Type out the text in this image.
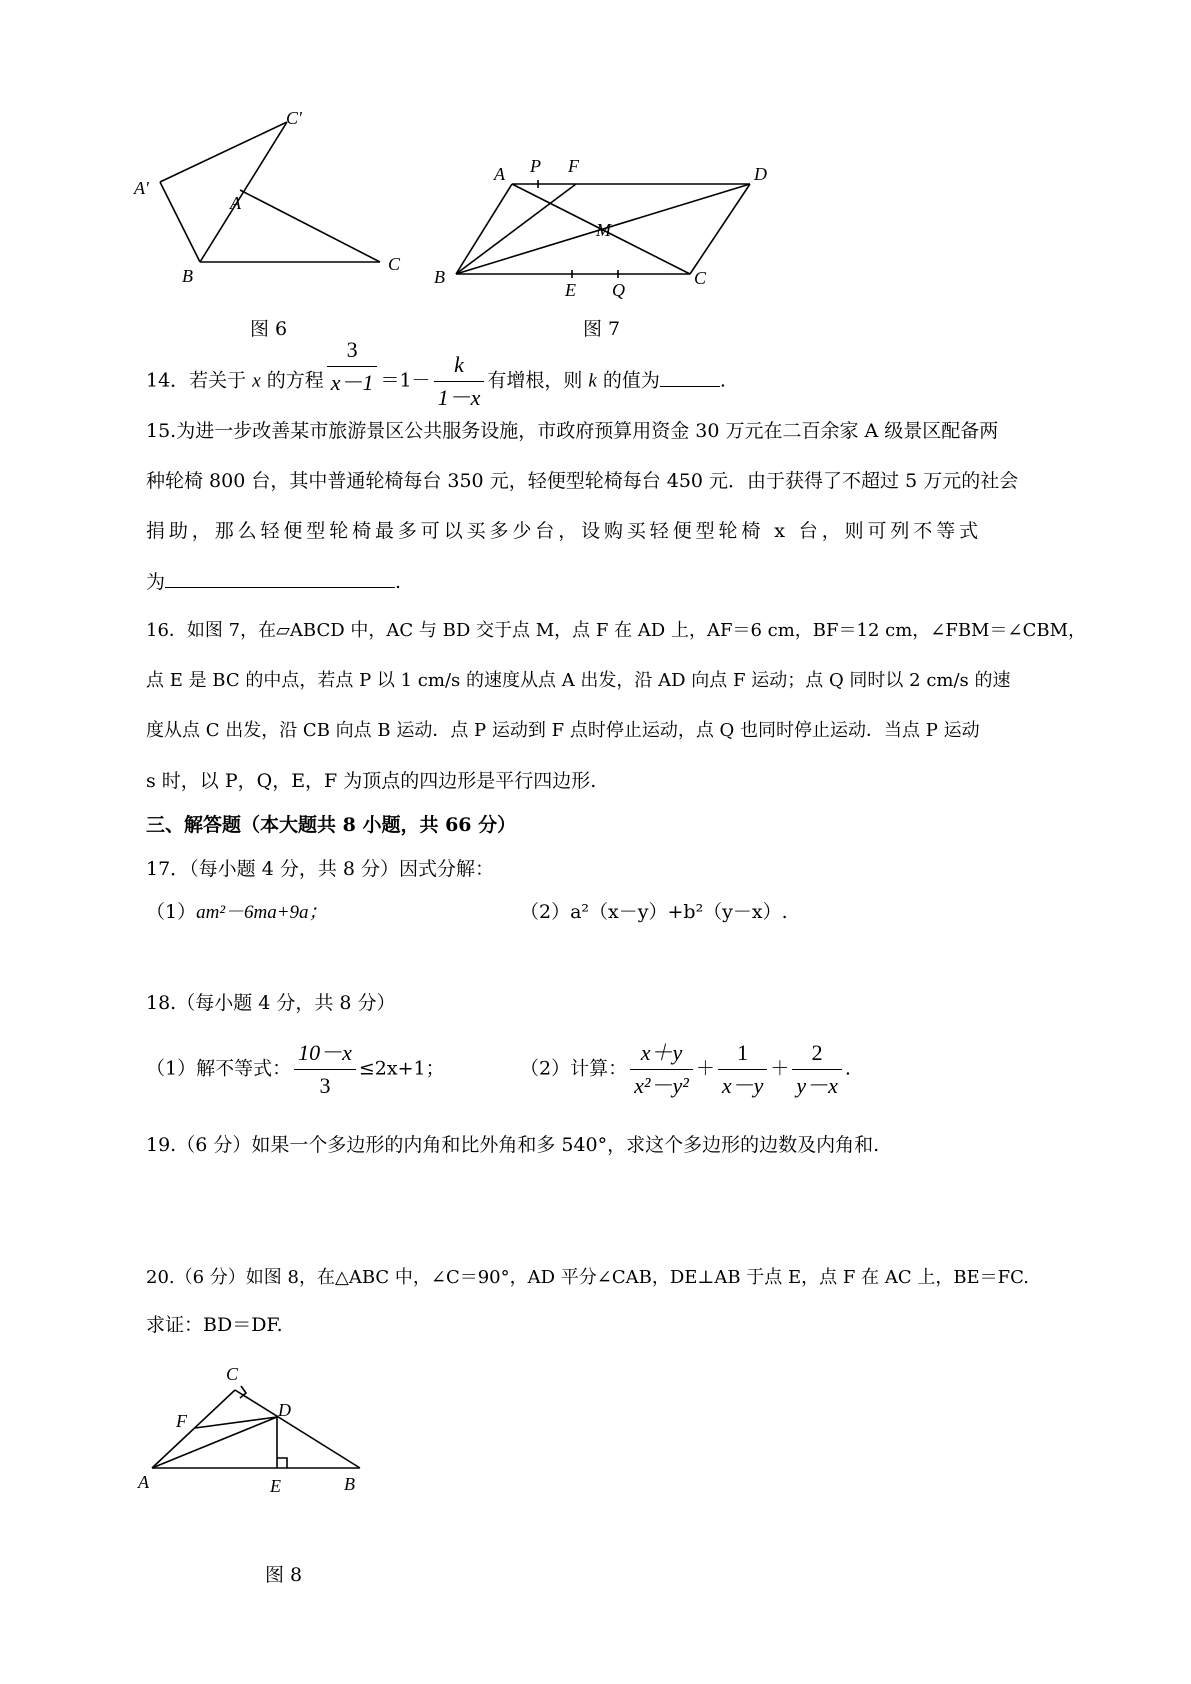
C′
A′
A
B
C
图 6
A P F	D
M
B
E Q
C
图 7
14．若关于 x 的方程 $\frac{3}{x-1} =1- \frac{k}{1-x}$ 有增根，则 k 的值为	.
15.为进一步改善某市旅游景区公共服务设施，市政府预算用资金 30 万元在二百余家 A 级景区配备两
种轮椅 800 台，其中普通轮椅每台 350 元，轻便型轮椅每台 450 元．由于获得了不超过 5 万元的社会
捐助，那么轻便型轮椅最多可以买多少台，设购买轻便型轮椅 x 台，则可列不等式
为	.
16．如图 7，在▱ABCD 中，AC 与 BD 交于点 M，点 F 在 AD 上，AF＝6 cm，BF＝12 cm，∠FBM＝∠CBM，
点 E 是 BC 的中点，若点 P 以 1 cm/s 的速度从点 A 出发，沿 AD 向点 F 运动；点 Q 同时以 2 cm/s 的速
度从点 C 出发，沿 CB 向点 B 运动．点 P 运动到 F 点时停止运动，点 Q 也同时停止运动．当点 P 运动
s 时，以 P，Q，E，F 为顶点的四边形是平行四边形.
三、解答题（本大题共 8 小题，共 66 分）
17．（每小题 4 分，共 8 分）因式分解：
（1）am²－6ma+9a；	（2）a²（x－y）+b²（y－x）.
18.（每小题 4 分，共 8 分）
（1）解不等式： $\frac{10-x}{3} \le 2x+1$；	（2）计算： $\frac{x+y}{\text{x²－y²}} + \frac{1}{x-y} + \frac{2}{y-x}$ .
19.（6 分）如果一个多边形的内角和比外角和多 540°，求这个多边形的边数及内角和.
20.（6 分）如图 8，在△ABC 中，∠C＝90°，AD 平分∠CAB，DE⊥AB 于点 E，点 F 在 AC 上，BE＝FC.
求证：BD＝DF.
C
D
F
A	E	B
图 8
